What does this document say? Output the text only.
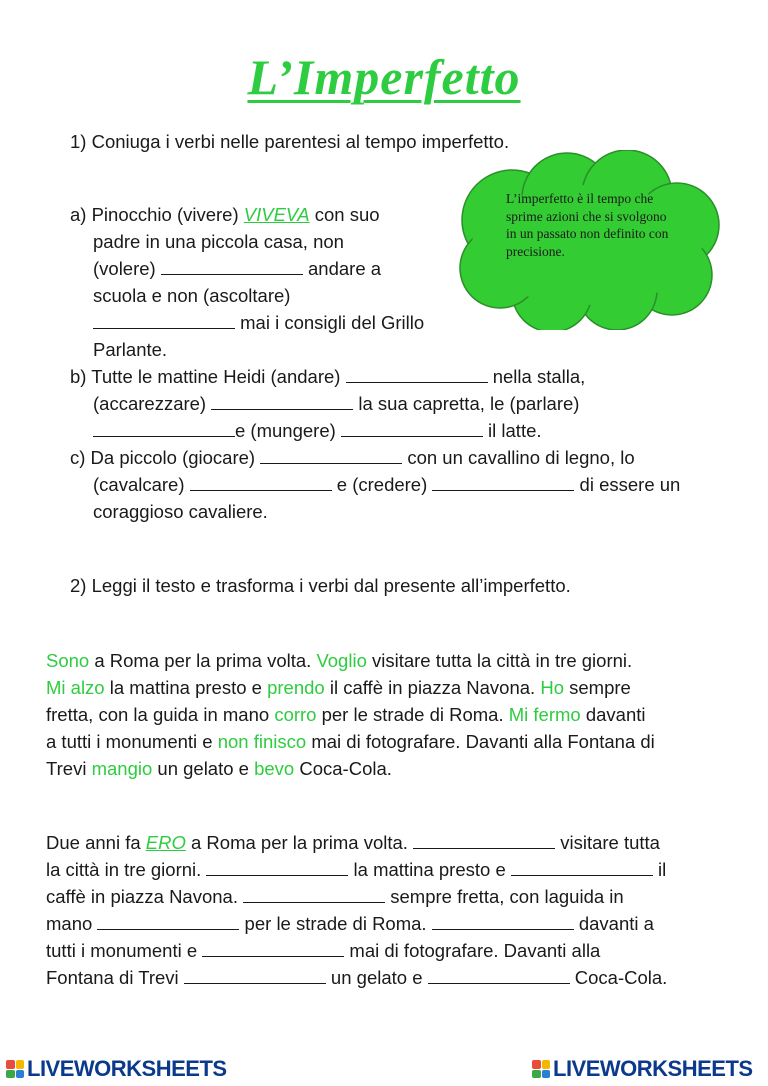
L’Imperfetto
1) Coniuga i verbi nelle parentesi al tempo imperfetto.
L’imperfetto è il tempo che sprime azioni che si svolgono in un passato non definito con precisione.
a) Pinocchio (vivere) VIVEVA con suo
padre in una piccola casa, non
(volere)	andare a
scuola e non (ascoltare)
mai i consigli del Grillo
Parlante.
b) Tutte le mattine Heidi (andare)	nella stalla,
(accarezzare)	la sua capretta, le (parlare)
e (mungere)	il latte.
c) Da piccolo (giocare)	con un cavallino di legno, lo
(cavalcare)	e (credere)	di essere un
coraggioso cavaliere.
2) Leggi il testo e trasforma i verbi dal presente all’imperfetto.
Sono a Roma per la prima volta. Voglio visitare tutta la città in tre giorni.
Mi alzo la mattina presto e prendo il caffè in piazza Navona. Ho sempre
fretta, con la guida in mano corro per le strade di Roma. Mi fermo davanti
a tutti i monumenti e non finisco mai di fotografare. Davanti alla Fontana di
Trevi mangio un gelato e bevo Coca-Cola.
Due anni fa ERO a Roma per la prima volta.	visitare tutta
la città in tre giorni.	la mattina presto e	il
caffè in piazza Navona.	sempre fretta, con laguida in
mano	per le strade di Roma.	davanti a
tutti i monumenti e	mai di fotografare. Davanti alla
Fontana di Trevi	un gelato e	Coca-Cola.
LIVEWORKSHEETS	LIVEWORKSHEETS
